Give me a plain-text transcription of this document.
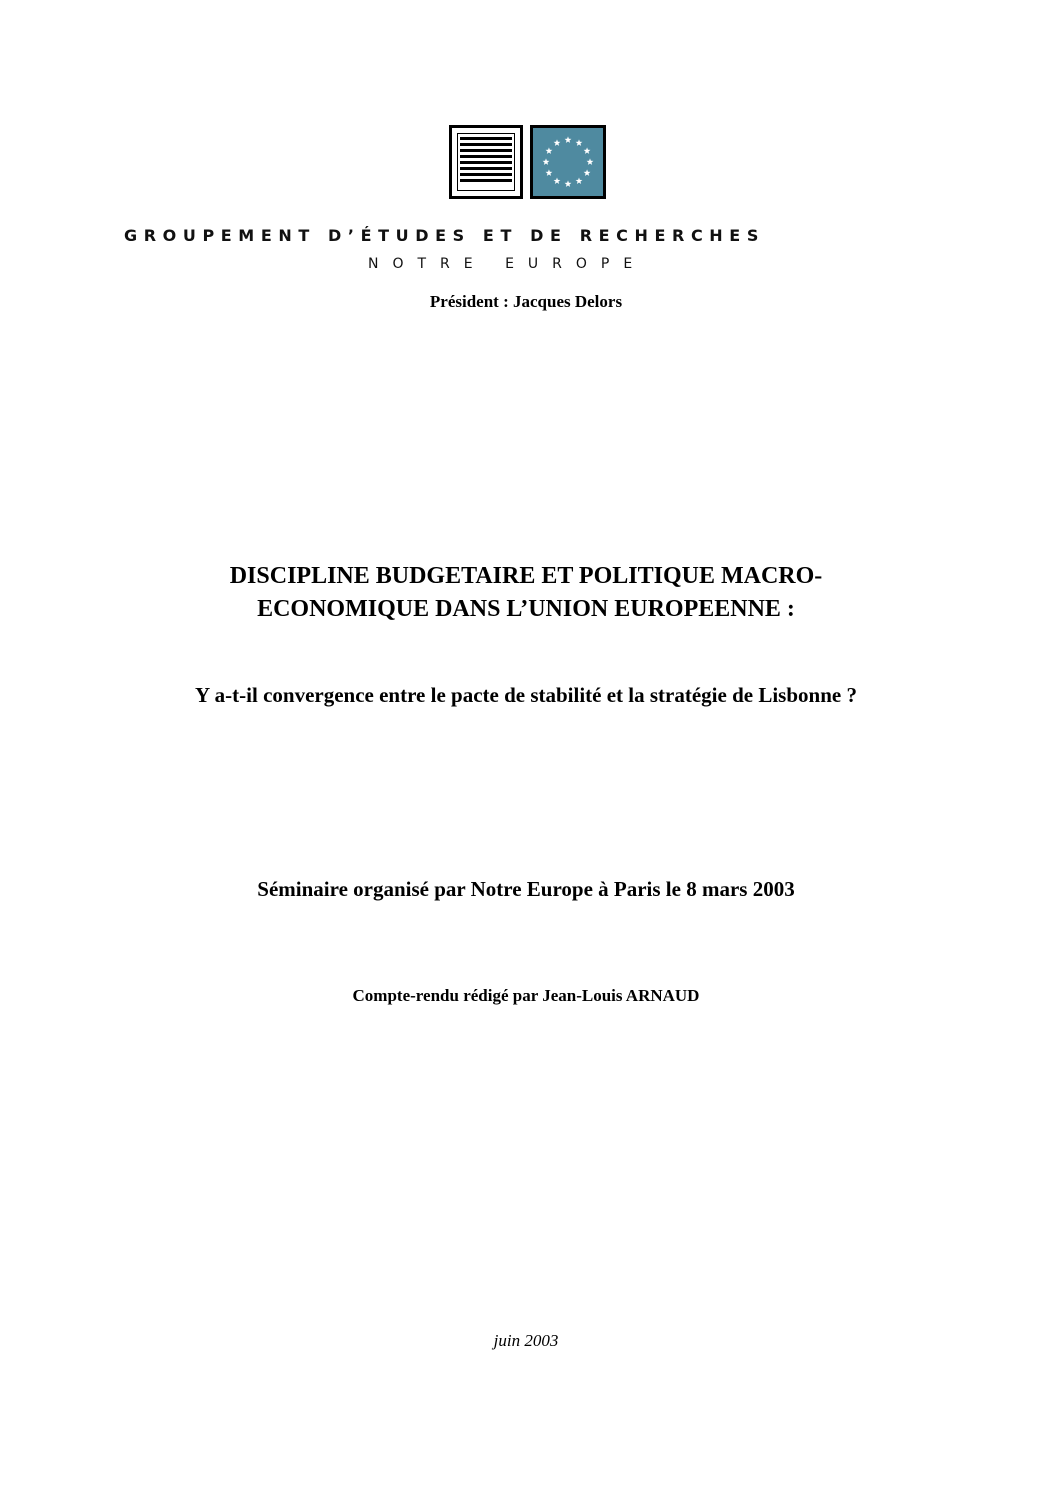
GROUPEMENT D’ÉTUDES ET DE RECHERCHES
NOTRE EUROPE
Président : Jacques Delors
DISCIPLINE BUDGETAIRE ET POLITIQUE MACRO-
ECONOMIQUE DANS L’UNION EUROPEENNE :
Y a-t-il convergence entre le pacte de stabilité et la stratégie de Lisbonne ?
Séminaire organisé par Notre Europe à Paris le 8 mars 2003
Compte-rendu rédigé par Jean-Louis ARNAUD
juin 2003
